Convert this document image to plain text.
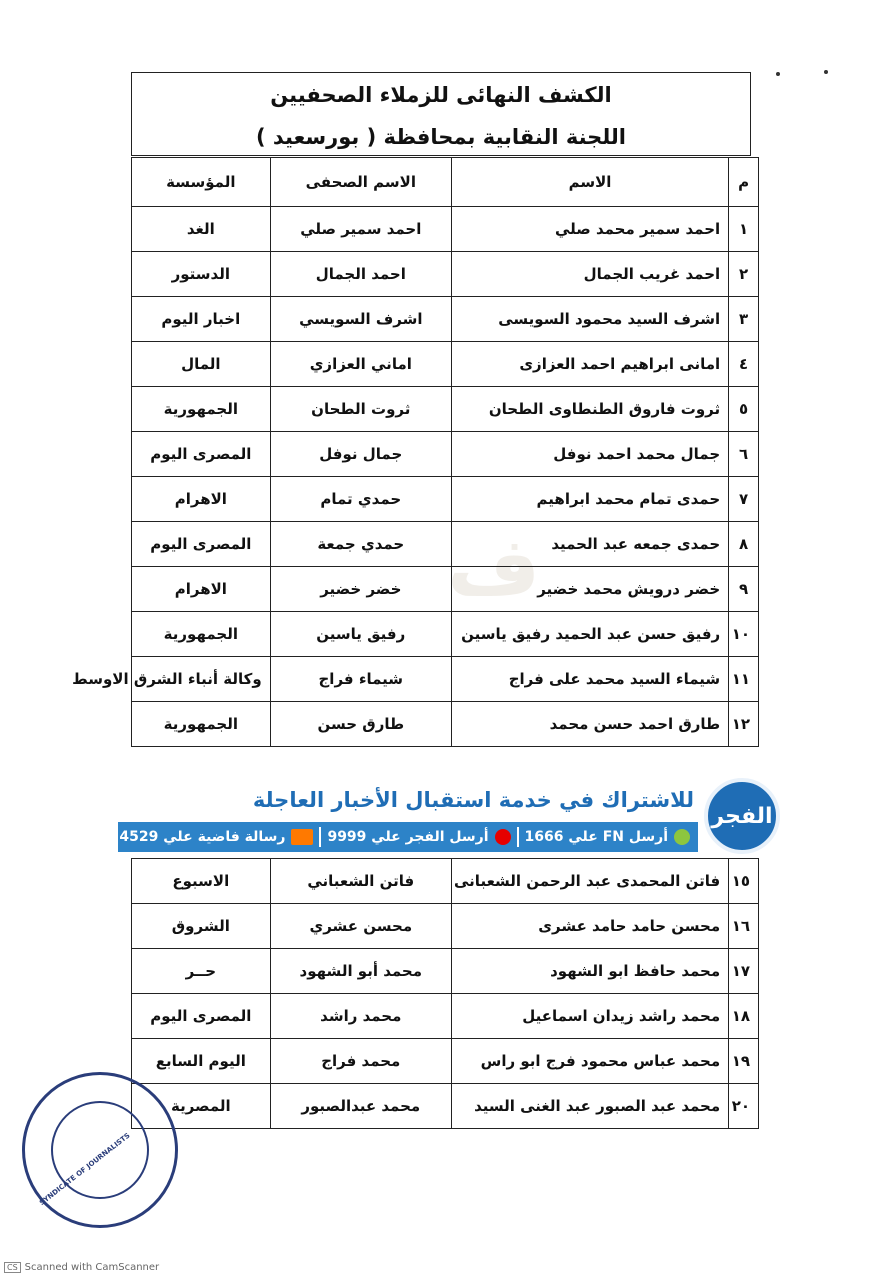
ف
الكشف النهائى للزملاء الصحفيين
اللجنة النقابية بمحافظة ( بورسعيد )
م	الاسم	الاسم الصحفى	المؤسسة
١	احمد سمير محمد صلي	احمد سمير صلي	الغد
٢	احمد غريب الجمال	احمد الجمال	الدستور
٣	اشرف السيد محمود السويسى	اشرف السويسي	اخبار اليوم
٤	امانى ابراهيم احمد العزازى	اماني العزازي	المال
٥	ثروت فاروق الطنطاوى الطحان	ثروت الطحان	الجمهورية
٦	جمال محمد احمد نوفل	جمال نوفل	المصرى اليوم
٧	حمدى تمام محمد ابراهيم	حمدي تمام	الاهرام
٨	حمدى جمعه عبد الحميد	حمدي جمعة	المصرى اليوم
٩	خضر درويش محمد خضير	خضر خضير	الاهرام
١٠	رفيق حسن عبد الحميد رفيق ياسين	رفيق ياسين	الجمهورية
١١	شيماء السيد محمد على فراج	شيماء فراج	وكالة أنباء الشرق الاوسط
١٢	طارق احمد حسن محمد	طارق حسن	الجمهورية
١٥	فاتن المحمدى عبد الرحمن الشعبانى	فاتن الشعباني	الاسبوع
١٦	محسن حامد حامد عشرى	محسن عشري	الشروق
١٧	محمد حافظ ابو الشهود	محمد أبو الشهود	حــر
١٨	محمد راشد زيدان اسماعيل	محمد راشد	المصرى اليوم
١٩	محمد عباس محمود فرج ابو راس	محمد فراج	اليوم السابع
٢٠	محمد عبد الصبور عبد الغنى السيد	محمد عبدالصبور	المصرية
للاشتراك في خدمة استقبال الأخبار العاجلة
أرسل FN علي 1666
أرسل الفجر علي 9999
رسالة فاضية علي 4529
الفجر
SYNDICATE OF JOURNALISTS
CS Scanned with CamScanner
